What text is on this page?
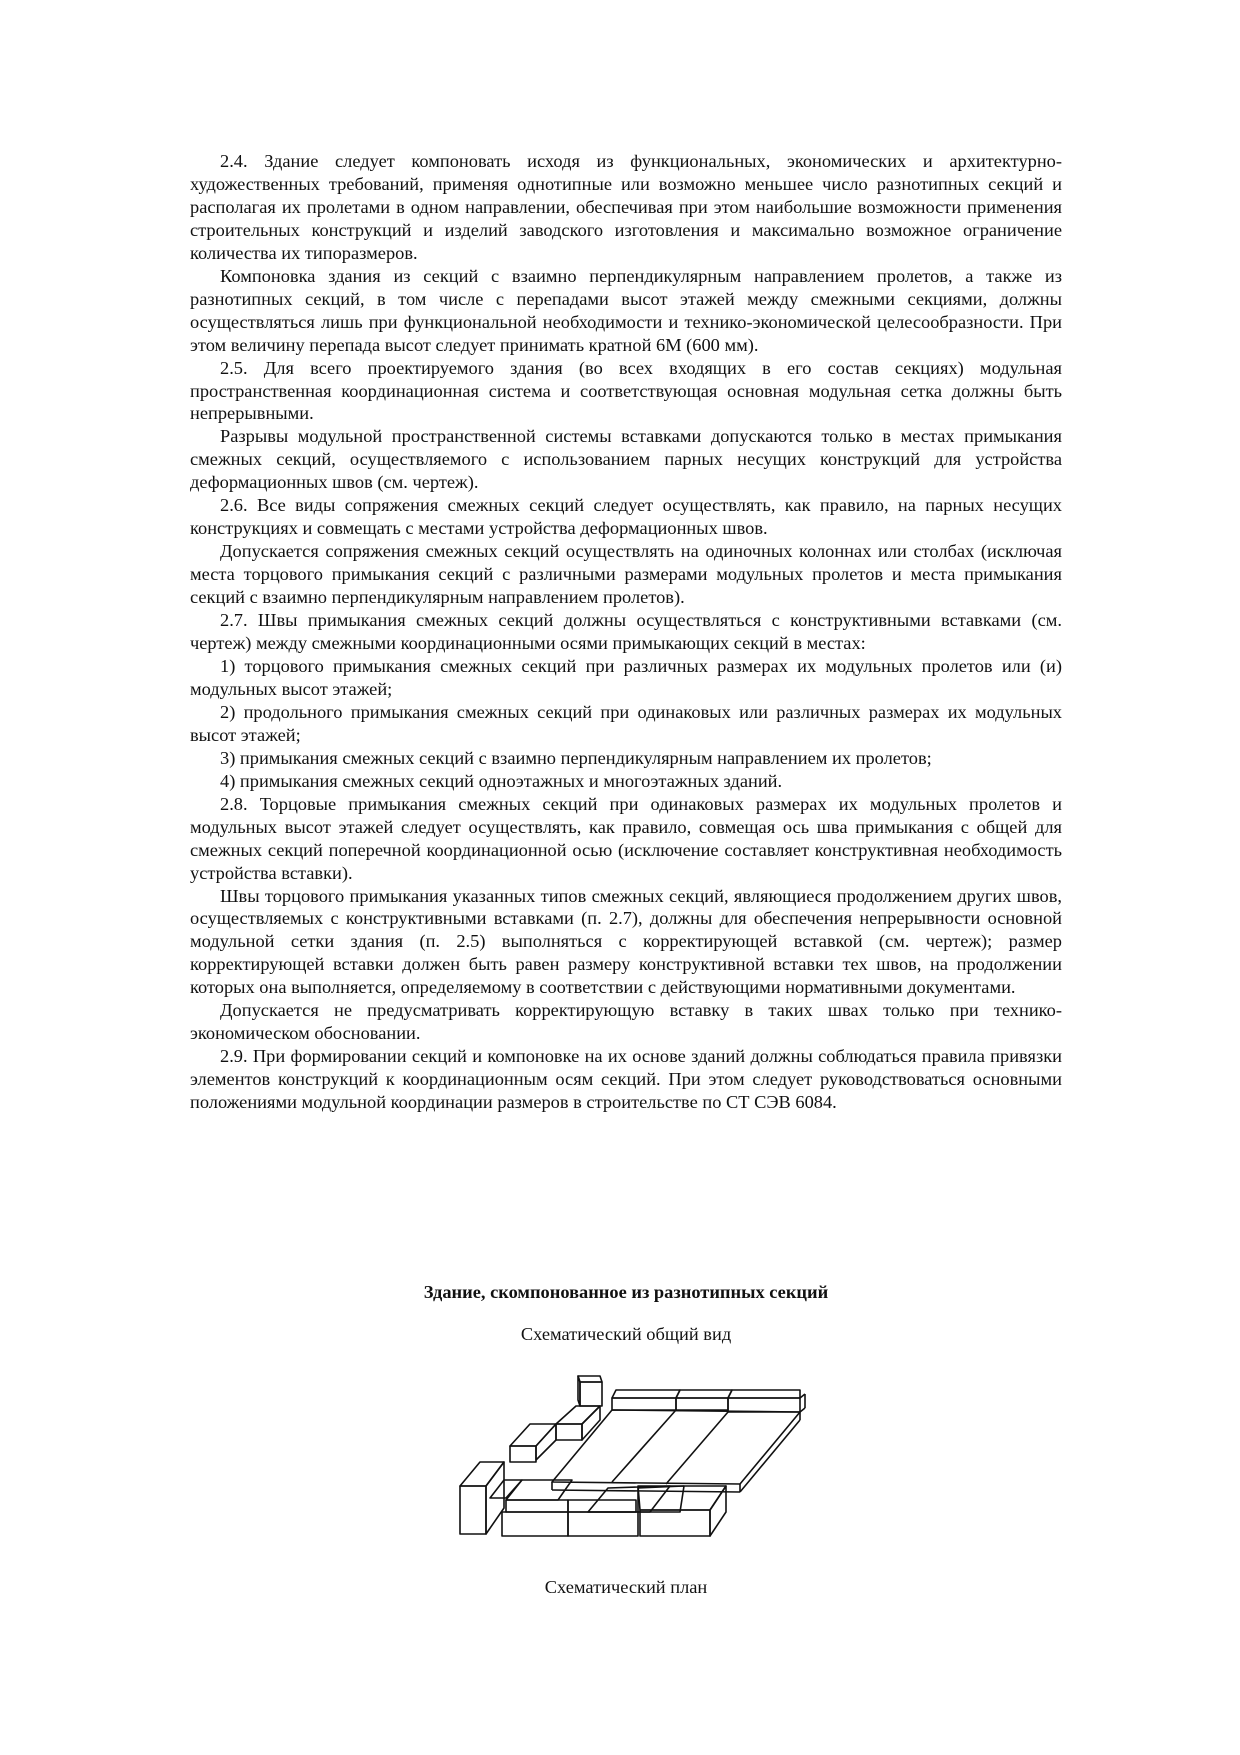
2.4. Здание следует компоновать исходя из функциональных, экономических и архитектурно-художественных требований, применяя однотипные или возможно меньшее число разнотипных секций и располагая их пролетами в одном направлении, обеспечивая при этом наибольшие возможности применения строительных конструкций и изделий заводского изготовления и максимально возможное ограничение количества их типоразмеров.

Компоновка здания из секций с взаимно перпендикулярным направлением пролетов, а также из разнотипных секций, в том числе с перепадами высот этажей между смежными секциями, должны осуществляться лишь при функциональной необходимости и технико-экономической целесообразности. При этом величину перепада высот следует принимать кратной 6М (600 мм).

2.5. Для всего проектируемого здания (во всех входящих в его состав секциях) модульная пространственная координационная система и соответствующая основная модульная сетка должны быть непрерывными.

Разрывы модульной пространственной системы вставками допускаются только в местах примыкания смежных секций, осуществляемого с использованием парных несущих конструкций для устройства деформационных швов (см. чертеж).

2.6. Все виды сопряжения смежных секций следует осуществлять, как правило, на парных несущих конструкциях и совмещать с местами устройства деформационных швов.

Допускается сопряжения смежных секций осуществлять на одиночных колоннах или столбах (исключая места торцового примыкания секций с различными размерами модульных пролетов и места примыкания секций с взаимно перпендикулярным направлением пролетов).

2.7. Швы примыкания смежных секций должны осуществляться с конструктивными вставками (см. чертеж) между смежными координационными осями примыкающих секций в местах:

1) торцового примыкания смежных секций при различных размерах их модульных пролетов или (и) модульных высот этажей;

2) продольного примыкания смежных секций при одинаковых или различных размерах их модульных высот этажей;

3) примыкания смежных секций с взаимно перпендикулярным направлением их пролетов;

4) примыкания смежных секций одноэтажных и многоэтажных зданий.

2.8. Торцовые примыкания смежных секций при одинаковых размерах их модульных пролетов и модульных высот этажей следует осуществлять, как правило, совмещая ось шва примыкания с общей для смежных секций поперечной координационной осью (исключение составляет конструктивная необходимость устройства вставки).

Швы торцового примыкания указанных типов смежных секций, являющиеся продолжением других швов, осуществляемых с конструктивными вставками (п. 2.7), должны для обеспечения непрерывности основной модульной сетки здания (п. 2.5) выполняться с корректирующей вставкой (см. чертеж); размер корректирующей вставки должен быть равен размеру конструктивной вставки тех швов, на продолжении которых она выполняется, определяемому в соответствии с действующими нормативными документами.

Допускается не предусматривать корректирующую вставку в таких швах только при технико-экономическом обосновании.

2.9. При формировании секций и компоновке на их основе зданий должны соблюдаться правила привязки элементов конструкций к координационным осям секций. При этом следует руководствоваться основными положениями модульной координации размеров в строительстве по СТ СЭВ 6084.

Здание, скомпонованное из разнотипных секций
Схематический общий вид
Схематический план
